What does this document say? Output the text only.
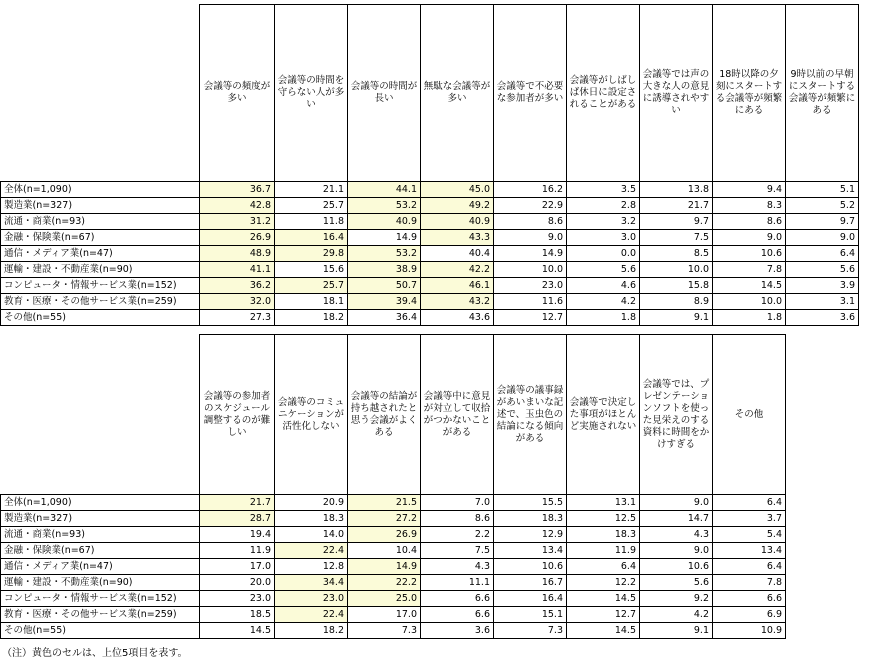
	会議等の頻度が多い	会議等の時間を守らない人が多い	会議等の時間が長い	無駄な会議等が多い	会議等で不必要な参加者が多い	会議等がしばしば休日に設定されることがある	会議等では声の大きな人の意見に誘導されやすい	18時以降の夕刻にスタートする会議等が頻繁にある	9時以前の早朝にスタートする会議等が頻繁にある
全体(n=1,090)	36.7	21.1	44.1	45.0	16.2	3.5	13.8	9.4	5.1
製造業(n=327)	42.8	25.7	53.2	49.2	22.9	2.8	21.7	8.3	5.2
流通・商業(n=93)	31.2	11.8	40.9	40.9	8.6	3.2	9.7	8.6	9.7
金融・保険業(n=67)	26.9	16.4	14.9	43.3	9.0	3.0	7.5	9.0	9.0
通信・メディア業(n=47)	48.9	29.8	53.2	40.4	14.9	0.0	8.5	10.6	6.4
運輸・建設・不動産業(n=90)	41.1	15.6	38.9	42.2	10.0	5.6	10.0	7.8	5.6
コンピュータ・情報サービス業(n=152)	36.2	25.7	50.7	46.1	23.0	4.6	15.8	14.5	3.9
教育・医療・その他サービス業(n=259)	32.0	18.1	39.4	43.2	11.6	4.2	8.9	10.0	3.1
その他(n=55)	27.3	18.2	36.4	43.6	12.7	1.8	9.1	1.8	3.6
	会議等の参加者のスケジュール調整するのが難しい	会議等のコミュニケーションが活性化しない	会議等の結論が持ち越されたと思う会議がよくある	会議等中に意見が対立して収拾がつかないことがある	会議等の議事録があいまいな記述で、玉虫色の結論になる傾向がある	会議等で決定した事項がほとんど実施されない	会議等では、プレゼンテーションソフトを使った見栄えのする資料に時間をかけすぎる	その他
全体(n=1,090)	21.7	20.9	21.5	7.0	15.5	13.1	9.0	6.4
製造業(n=327)	28.7	18.3	27.2	8.6	18.3	12.5	14.7	3.7
流通・商業(n=93)	19.4	14.0	26.9	2.2	12.9	18.3	4.3	5.4
金融・保険業(n=67)	11.9	22.4	10.4	7.5	13.4	11.9	9.0	13.4
通信・メディア業(n=47)	17.0	12.8	14.9	4.3	10.6	6.4	10.6	6.4
運輸・建設・不動産業(n=90)	20.0	34.4	22.2	11.1	16.7	12.2	5.6	7.8
コンピュータ・情報サービス業(n=152)	23.0	23.0	25.0	6.6	16.4	14.5	9.2	6.6
教育・医療・その他サービス業(n=259)	18.5	22.4	17.0	6.6	15.1	12.7	4.2	6.9
その他(n=55)	14.5	18.2	7.3	3.6	7.3	14.5	9.1	10.9
（注）黄色のセルは、上位5項目を表す。
